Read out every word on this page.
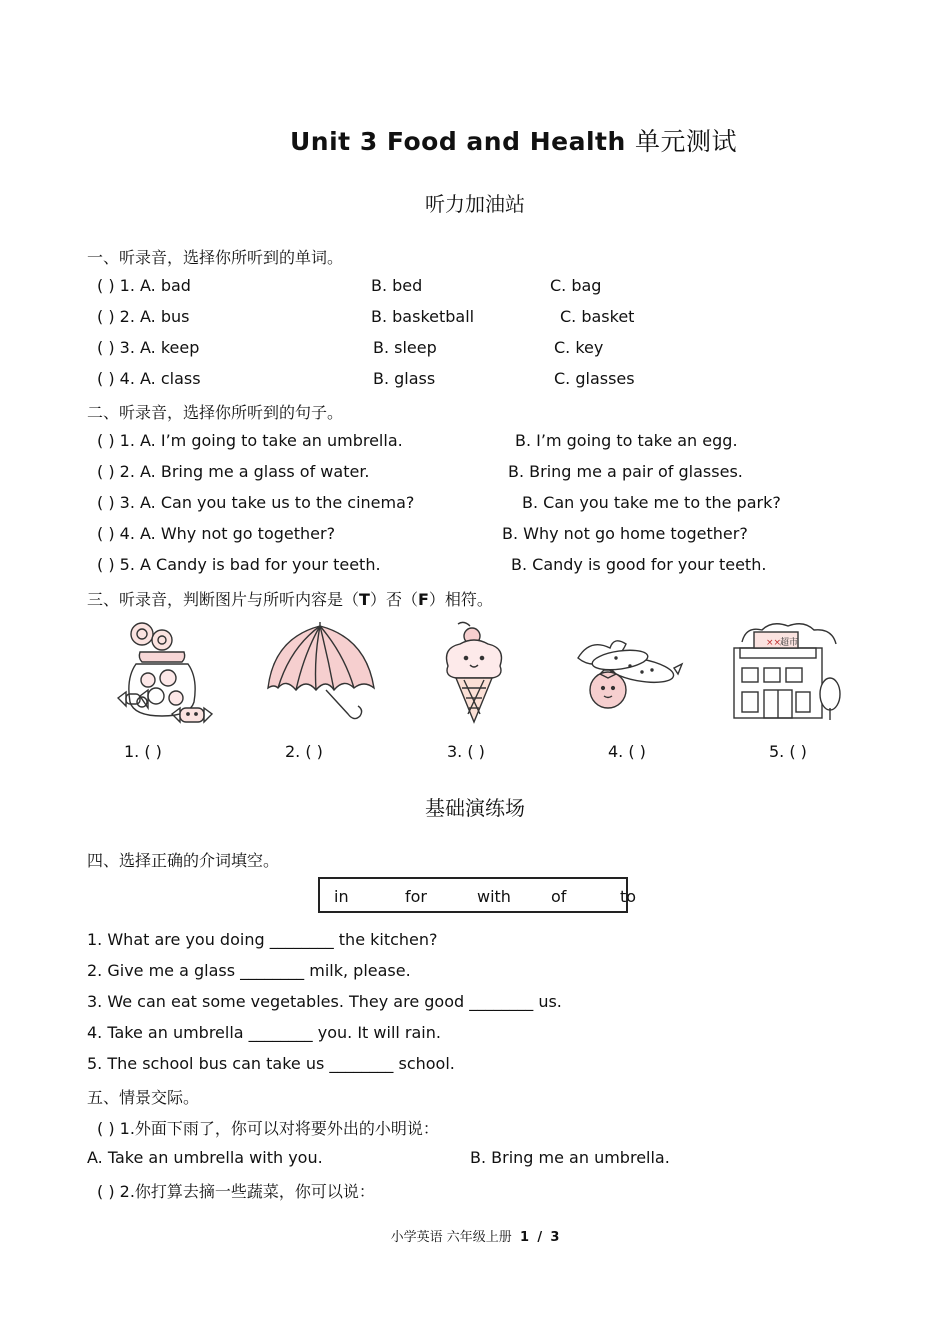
Unit 3 Food and Health 单元测试
听力加油站
一、听录音，选择你所听到的单词。
( ) 1. A. bad	B. bed	C. bag
( ) 2. A. bus	B. basketball	C. basket
( ) 3. A. keep	B. sleep	C. key
( ) 4. A. class	B. glass	C. glasses
二、听录音，选择你所听到的句子。
( ) 1. A. I’m going to take an umbrella.	B. I’m going to take an egg.
( ) 2. A. Bring me a glass of water.	B. Bring me a pair of glasses.
( ) 3. A. Can you take us to the cinema?	B. Can you take me to the park?
( ) 4. A. Why not go together?	B. Why not go home together?
( ) 5. A Candy is bad for your teeth.	B. Candy is good for your teeth.
三、听录音，判断图片与所听内容是（T）否（F）相符。
××
超市
1. ( )	2. ( )	3. ( )	4. ( )	5. ( )
基础演练场
四、选择正确的介词填空。
in	for	with	of	to
1. What are you doing ________ the kitchen?
2. Give me a glass ________ milk, please.
3. We can eat some vegetables. They are good ________ us.
4. Take an umbrella ________ you. It will rain.
5. The school bus can take us ________ school.
五、情景交际。
( ) 1.外面下雨了，你可以对将要外出的小明说：
A. Take an umbrella with you.	B. Bring me an umbrella.
( ) 2.你打算去摘一些蔬菜，你可以说：
小学英语 六年级上册 1 / 3
